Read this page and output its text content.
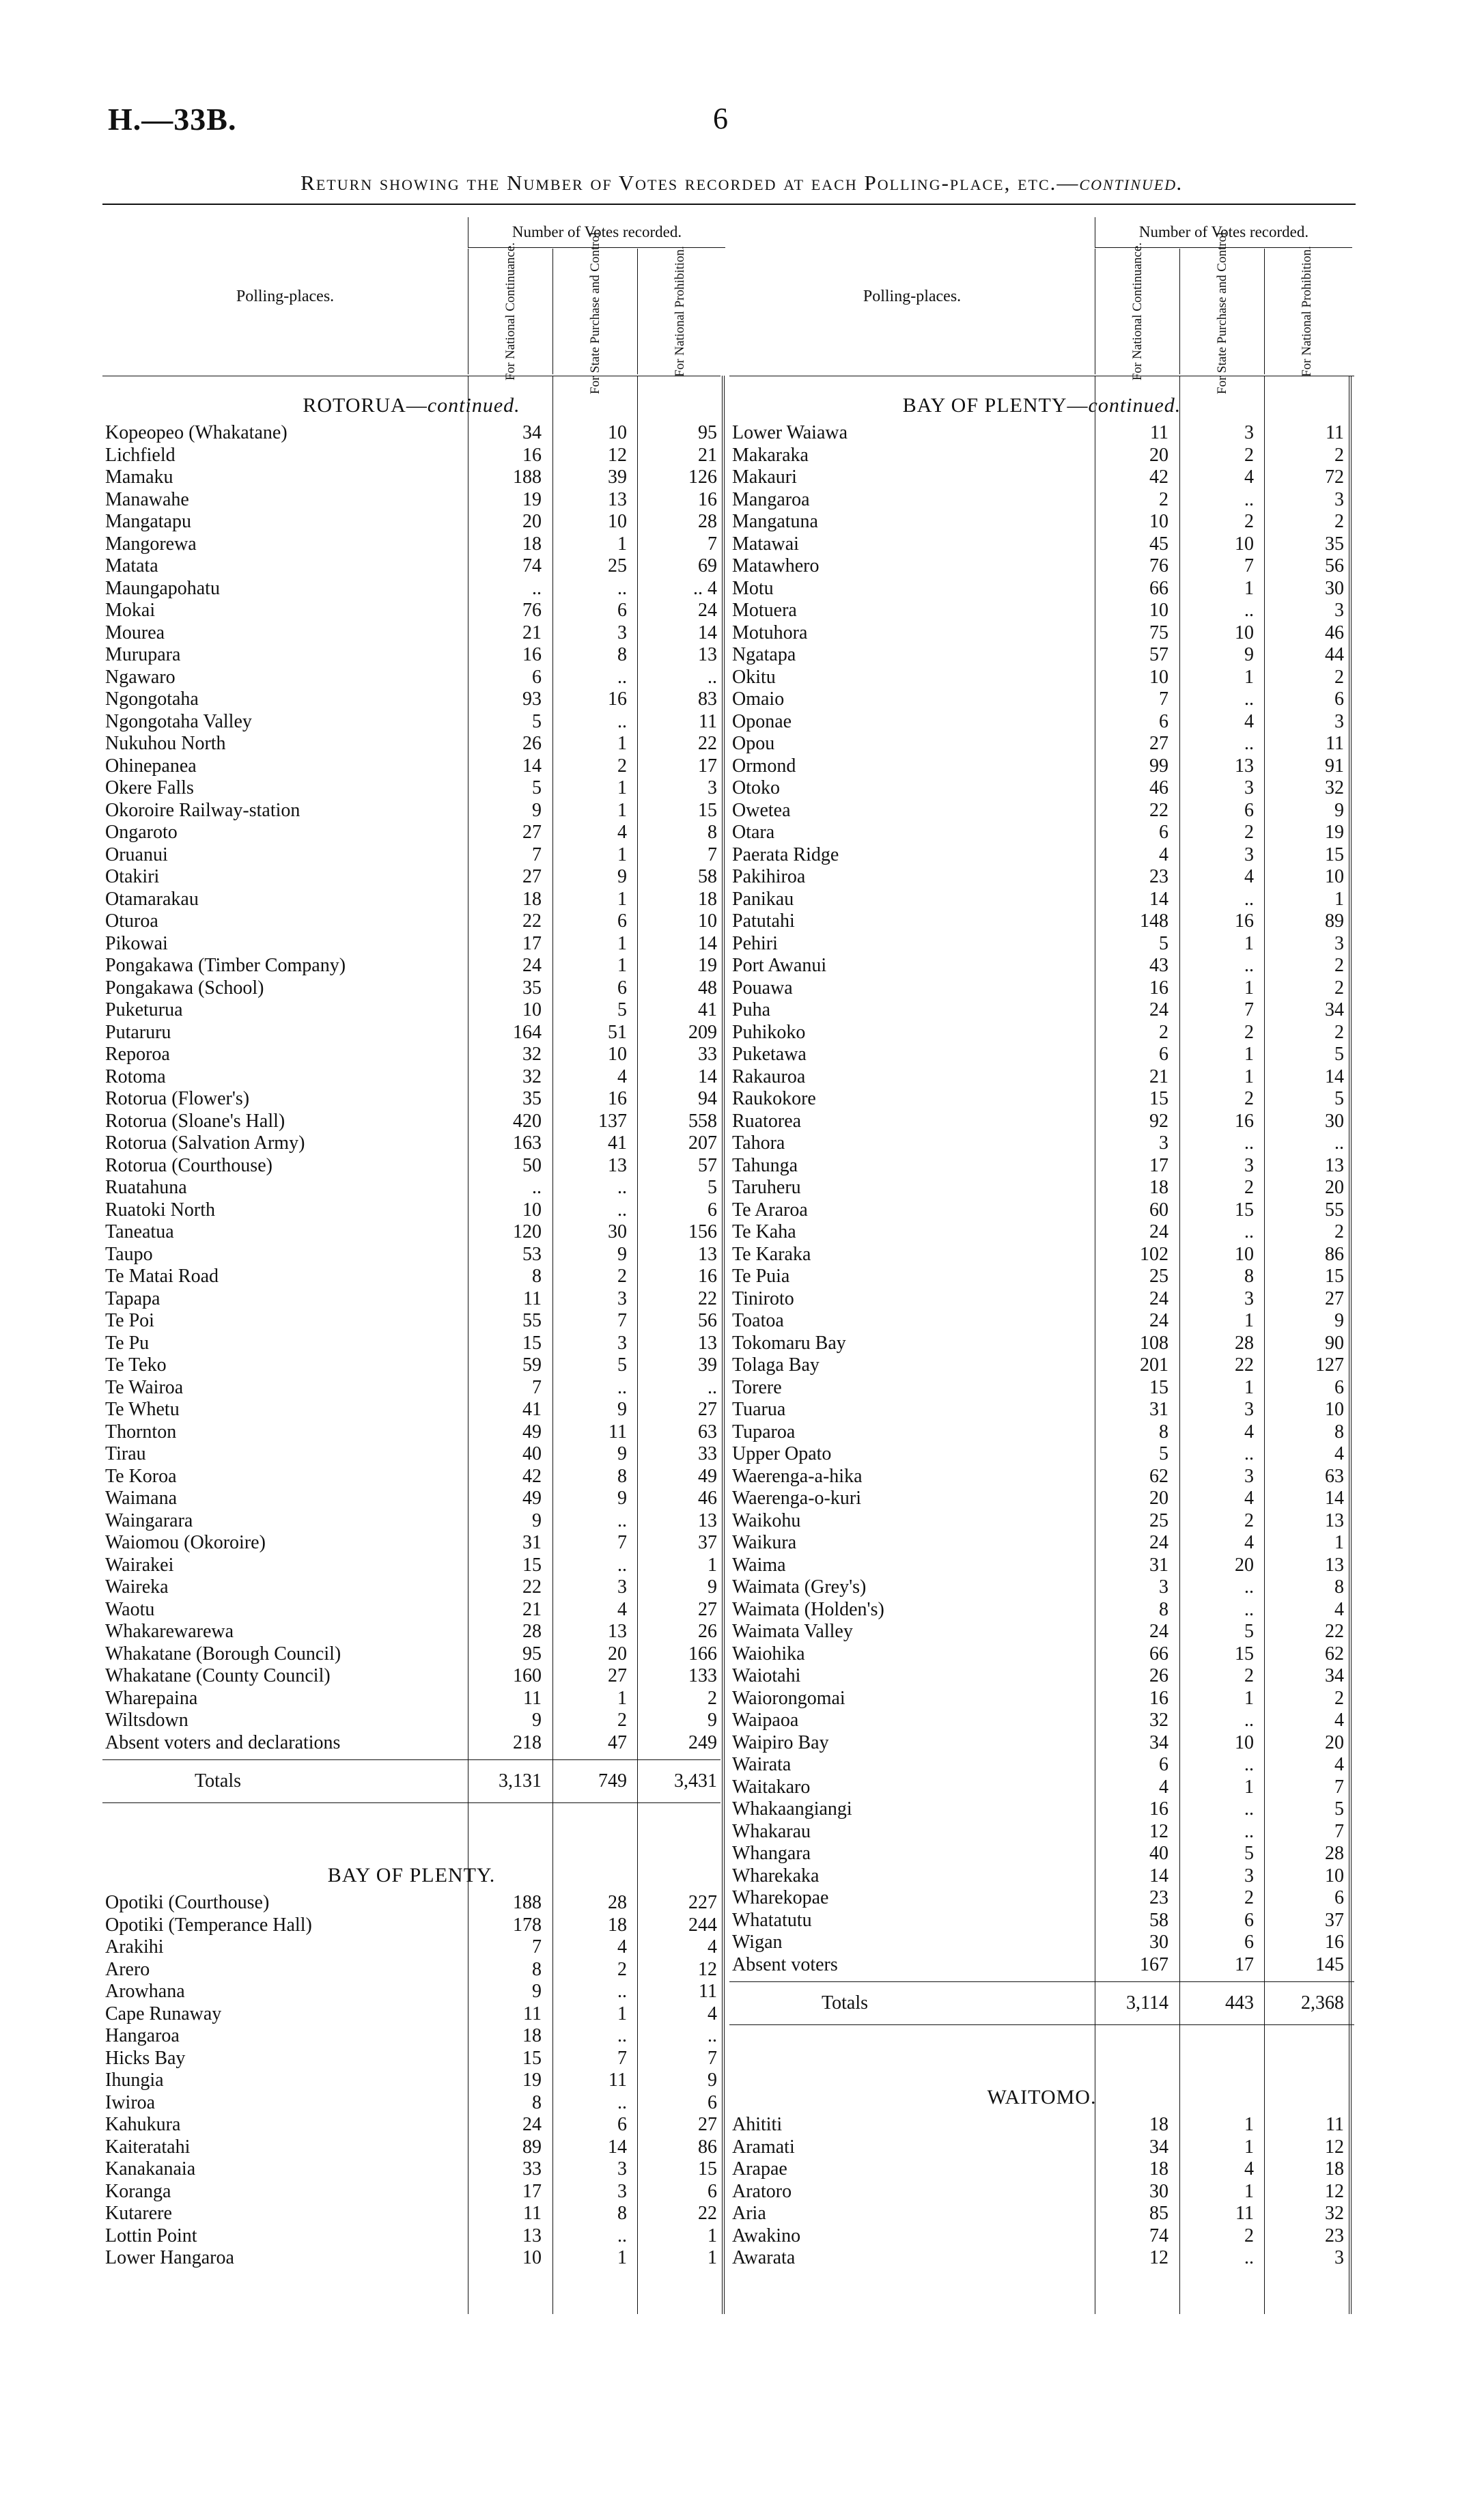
H.—33B.	6
Return showing the Number of Votes recorded at each Polling-place, etc.—continued.
Polling-places.
Number of Votes recorded.
For National Continuance.	For State Purchase and Control.	For National Prohibition.
ROTORUA—continued.
Kopeopeo (Whakatane)	34	10	95
Lichfield	16	12	21
Mamaku	188	39	126
Manawahe	19	13	16
Mangatapu	20	10	28
Mangorewa	18	1	7
Matata	74	25	69
Maungapohatu	..	..	.. 4
Mokai	76	6	24
Mourea	21	3	14
Murupara	16	8	13
Ngawaro	6	..	..
Ngongotaha	93	16	83
Ngongotaha Valley	5	..	11
Nukuhou North	26	1	22
Ohinepanea	14	2	17
Okere Falls	5	1	3
Okoroire Railway-station	9	1	15
Ongaroto	27	4	8
Oruanui	7	1	7
Otakiri	27	9	58
Otamarakau	18	1	18
Oturoa	22	6	10
Pikowai	17	1	14
Pongakawa (Timber Company)	24	1	19
Pongakawa (School)	35	6	48
Puketurua	10	5	41
Putaruru	164	51	209
Reporoa	32	10	33
Rotoma	32	4	14
Rotorua (Flower's)	35	16	94
Rotorua (Sloane's Hall)	420	137	558
Rotorua (Salvation Army)	163	41	207
Rotorua (Courthouse)	50	13	57
Ruatahuna	..	..	5
Ruatoki North	10	..	6
Taneatua	120	30	156
Taupo	53	9	13
Te Matai Road	8	2	16
Tapapa	11	3	22
Te Poi	55	7	56
Te Pu	15	3	13
Te Teko	59	5	39
Te Wairoa	7	..	..
Te Whetu	41	9	27
Thornton	49	11	63
Tirau	40	9	33
Te Koroa	42	8	49
Waimana	49	9	46
Waingarara	9	..	13
Waiomou (Okoroire)	31	7	37
Wairakei	15	..	1
Waireka	22	3	9
Waotu	21	4	27
Whakarewarewa	28	13	26
Whakatane (Borough Council)	95	20	166
Whakatane (County Council)	160	27	133
Wharepaina	11	1	2
Wiltsdown	9	2	9
Absent voters and declarations	218	47	249
Totals	3,131	749	3,431
BAY OF PLENTY.
Opotiki (Courthouse)	188	28	227
Opotiki (Temperance Hall)	178	18	244
Arakihi	7	4	4
Arero	8	2	12
Arowhana	9	..	11
Cape Runaway	11	1	4
Hangaroa	18	..	..
Hicks Bay	15	7	7
Ihungia	19	11	9
Iwiroa	8	..	6
Kahukura	24	6	27
Kaiteratahi	89	14	86
Kanakanaia	33	3	15
Koranga	17	3	6
Kutarere	11	8	22
Lottin Point	13	..	1
Lower Hangaroa	10	1	1
Polling-places.
Number of Votes recorded.
For National Continuance.	For State Purchase and Control.	For National Prohibition.
BAY OF PLENTY—continued.
Lower Waiawa	11	3	11
Makaraka	20	2	2
Makauri	42	4	72
Mangaroa	2	..	3
Mangatuna	10	2	2
Matawai	45	10	35
Matawhero	76	7	56
Motu	66	1	30
Motuera	10	..	3
Motuhora	75	10	46
Ngatapa	57	9	44
Okitu	10	1	2
Omaio	7	..	6
Oponae	6	4	3
Opou	27	..	11
Ormond	99	13	91
Otoko	46	3	32
Owetea	22	6	9
Otara	6	2	19
Paerata Ridge	4	3	15
Pakihiroa	23	4	10
Panikau	14	..	1
Patutahi	148	16	89
Pehiri	5	1	3
Port Awanui	43	..	2
Pouawa	16	1	2
Puha	24	7	34
Puhikoko	2	2	2
Puketawa	6	1	5
Rakauroa	21	1	14
Raukokore	15	2	5
Ruatorea	92	16	30
Tahora	3	..	..
Tahunga	17	3	13
Taruheru	18	2	20
Te Araroa	60	15	55
Te Kaha	24	..	2
Te Karaka	102	10	86
Te Puia	25	8	15
Tiniroto	24	3	27
Toatoa	24	1	9
Tokomaru Bay	108	28	90
Tolaga Bay	201	22	127
Torere	15	1	6
Tuarua	31	3	10
Tuparoa	8	4	8
Upper Opato	5	..	4
Waerenga-a-hika	62	3	63
Waerenga-o-kuri	20	4	14
Waikohu	25	2	13
Waikura	24	4	1
Waima	31	20	13
Waimata (Grey's)	3	..	8
Waimata (Holden's)	8	..	4
Waimata Valley	24	5	22
Waiohika	66	15	62
Waiotahi	26	2	34
Waiorongomai	16	1	2
Waipaoa	32	..	4
Waipiro Bay	34	10	20
Wairata	6	..	4
Waitakaro	4	1	7
Whakaangiangi	16	..	5
Whakarau	12	..	7
Whangara	40	5	28
Wharekaka	14	3	10
Wharekopae	23	2	6
Whatatutu	58	6	37
Wigan	30	6	16
Absent voters	167	17	145
Totals	3,114	443	2,368
WAITOMO.
Ahititi	18	1	11
Aramati	34	1	12
Arapae	18	4	18
Aratoro	30	1	12
Aria	85	11	32
Awakino	74	2	23
Awarata	12	..	3
